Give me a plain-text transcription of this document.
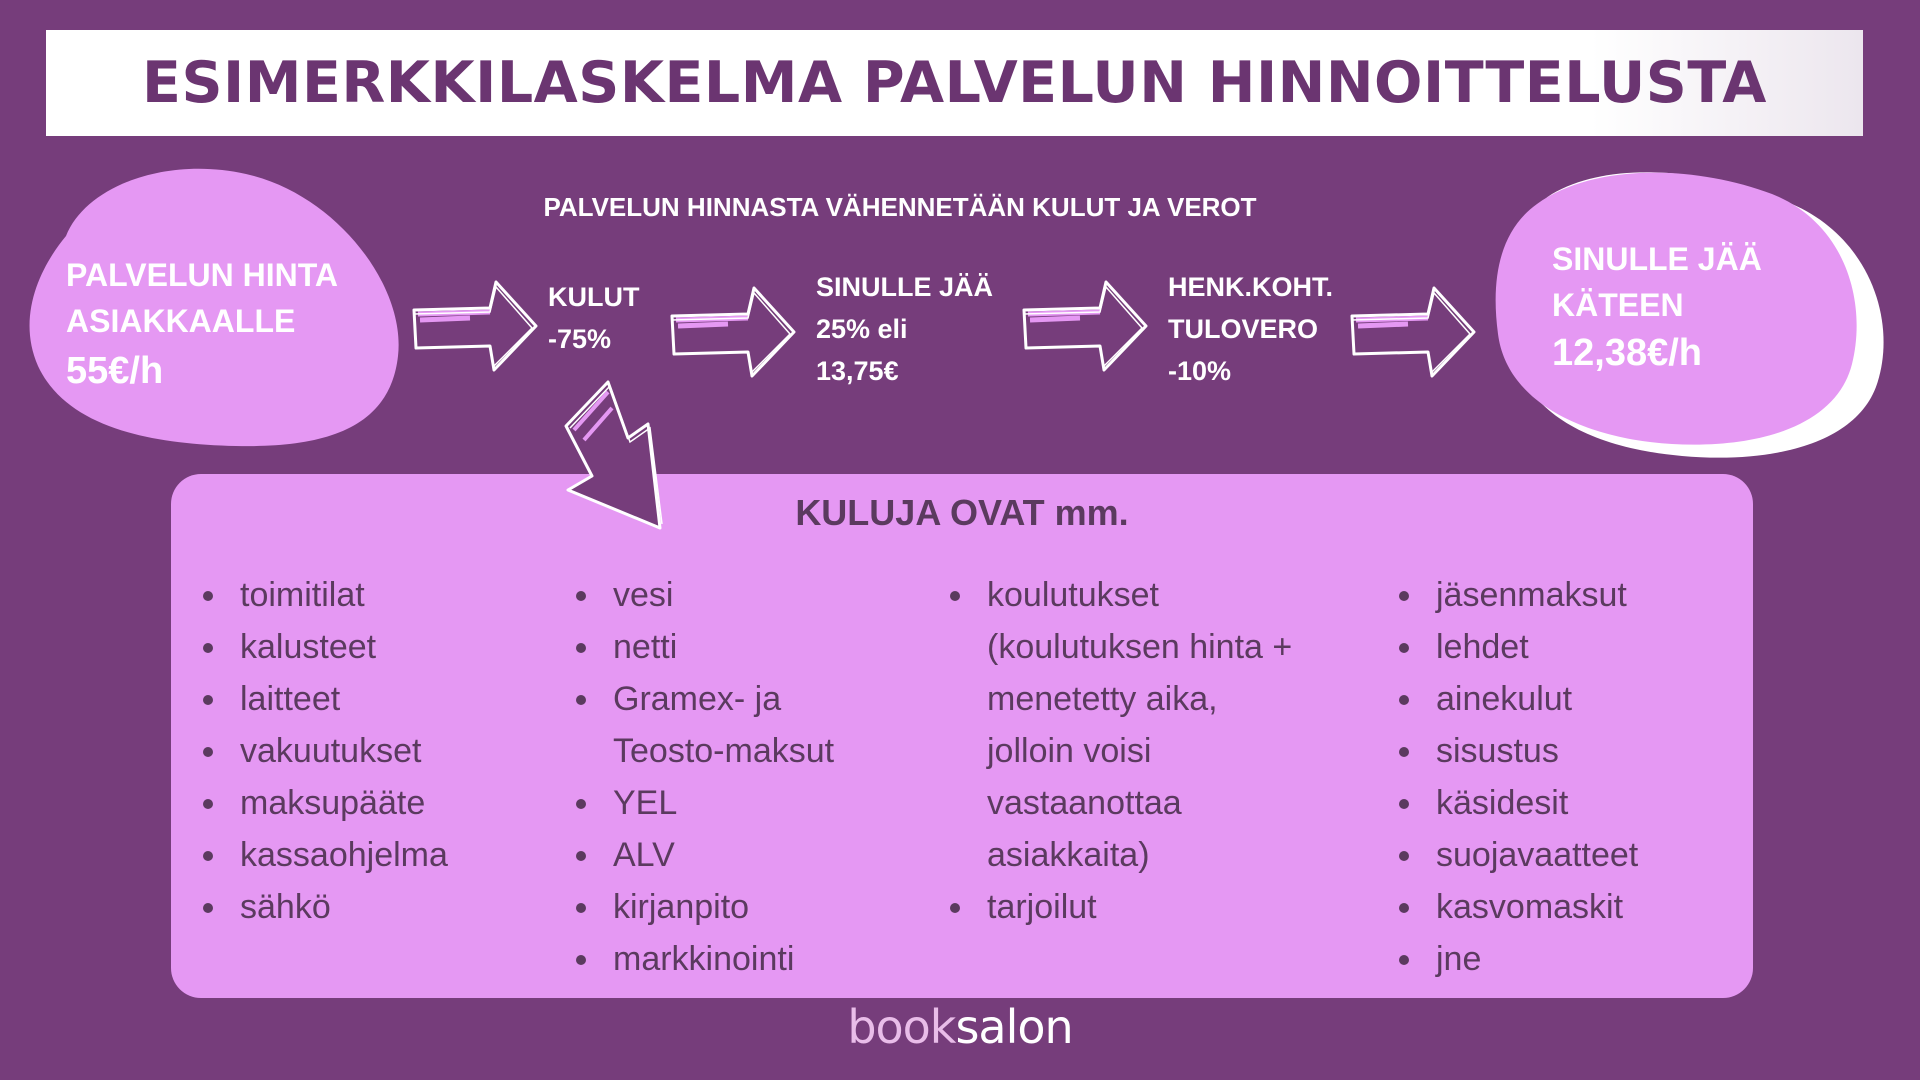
ESIMERKKILASKELMA PALVELUN HINNOITTELUSTA
PALVELUN HINNASTA VÄHENNETÄÄN KULUT JA VEROT
PALVELUN HINTA
ASIAKKAALLE
55€/h
SINULLE JÄÄ
KÄTEEN
12,38€/h
KULUT
-75%
SINULLE JÄÄ
25% eli
13,75€
HENK.KOHT.
TULOVERO
-10%
KULUJA OVAT mm.
toimitilat
kalusteet
laitteet
vakuutukset
maksupääte
kassaohjelma
sähkö
vesi
netti
Gramex- ja
Teosto-maksut
YEL
ALV
kirjanpito
markkinointi
koulutukset
(koulutuksen hinta +
menetetty aika,
jolloin voisi
vastaanottaa
asiakkaita)
tarjoilut
jäsenmaksut
lehdet
ainekulut
sisustus
käsidesit
suojavaatteet
kasvomaskit
jne
booksalon
